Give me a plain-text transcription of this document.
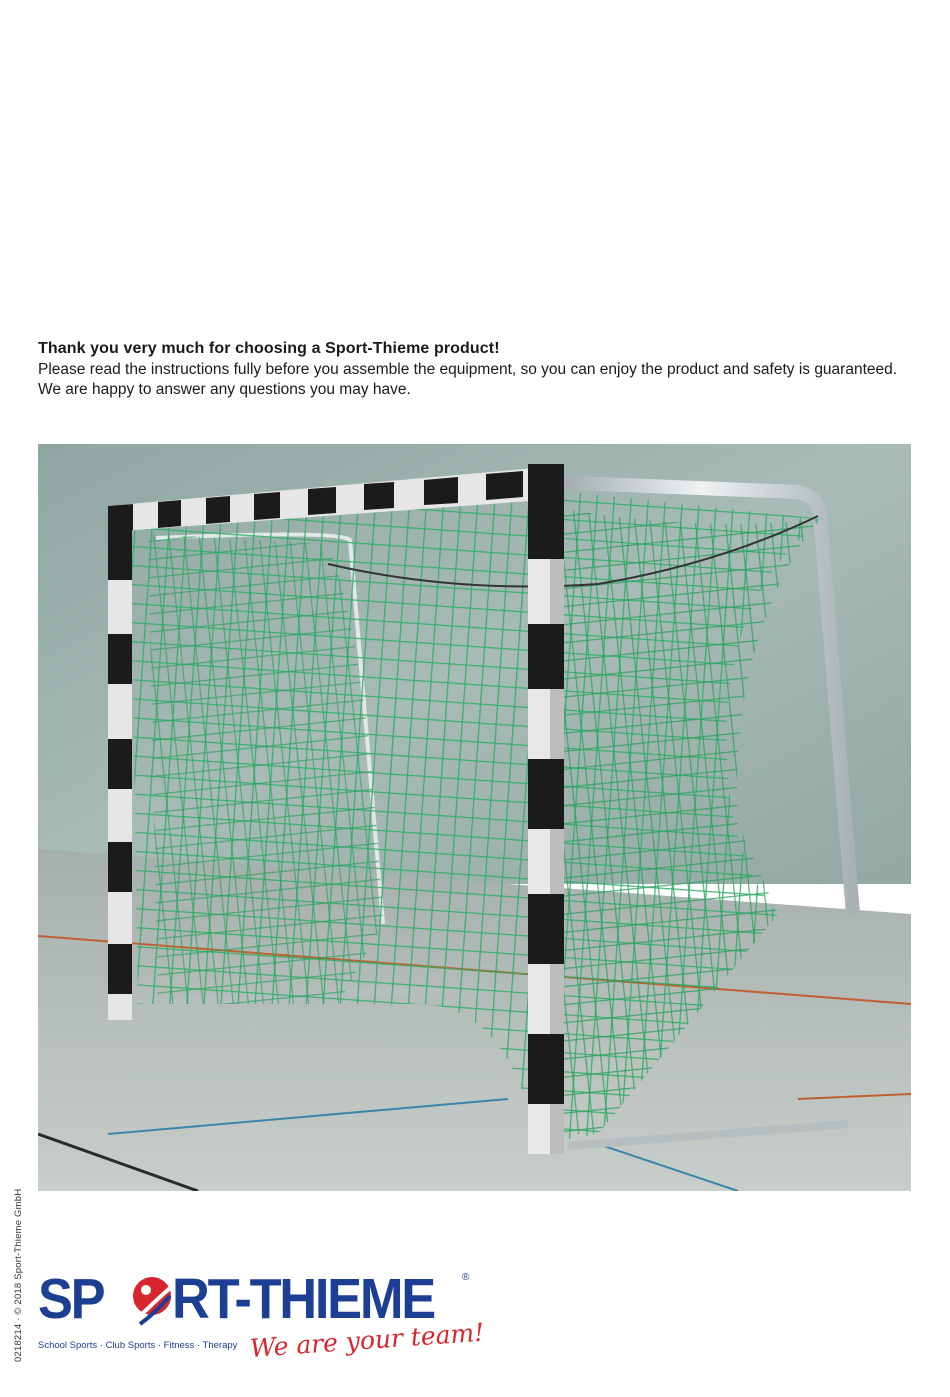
Thank you very much for choosing a Sport-Thieme product!
Please read the instructions fully before you assemble the equipment, so you can enjoy the product and safety is guaranteed.
We are happy to answer any questions you may have.
0218214 · © 2018 Sport-Thieme GmbH SP RT-THIEME	®
School Sports · Club Sports · Fitness · Therapy We are your team!
